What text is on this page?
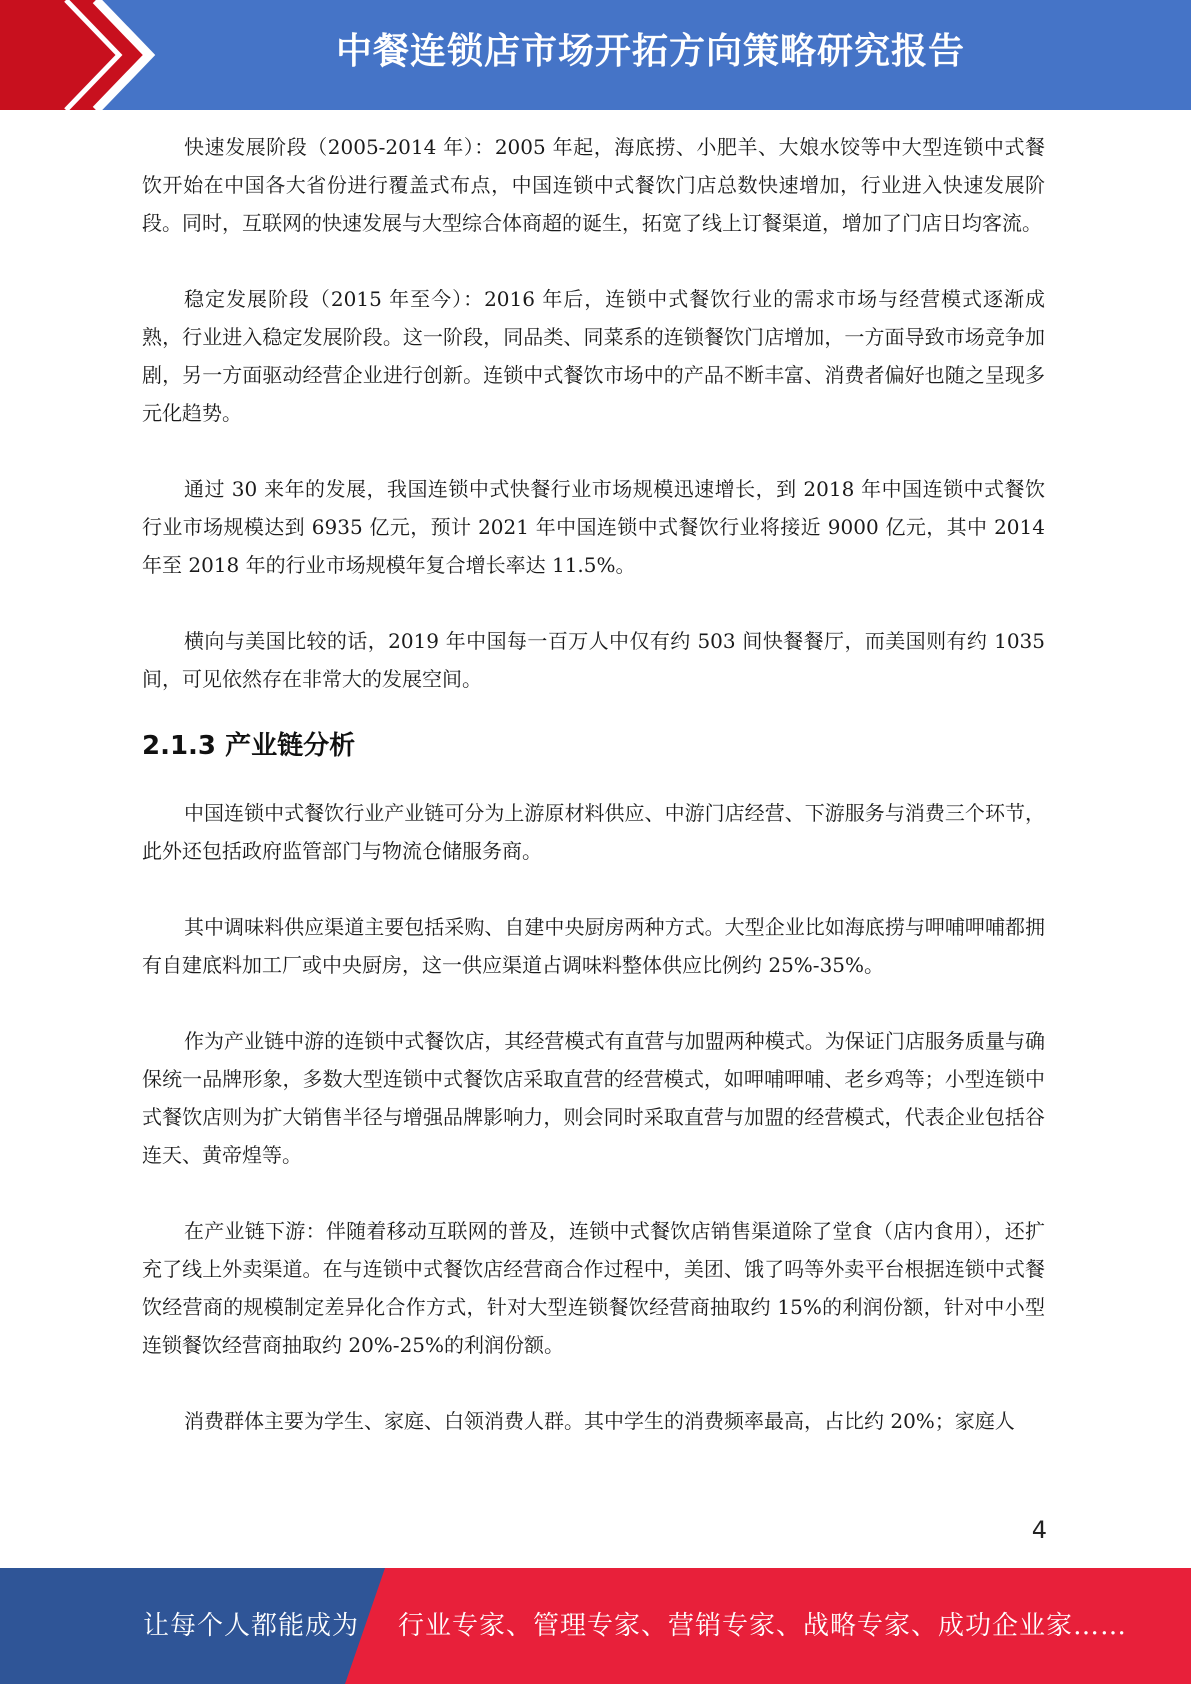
中餐连锁店市场开拓方向策略研究报告

快速发展阶段（2005-2014 年）：2005 年起，海底捞、小肥羊、大娘水饺等中大型连锁中式餐饮开始在中国各大省份进行覆盖式布点，中国连锁中式餐饮门店总数快速增加，行业进入快速发展阶段。同时，互联网的快速发展与大型综合体商超的诞生，拓宽了线上订餐渠道，增加了门店日均客流。

稳定发展阶段（2015 年至今）：2016 年后，连锁中式餐饮行业的需求市场与经营模式逐渐成熟，行业进入稳定发展阶段。这一阶段，同品类、同菜系的连锁餐饮门店增加，一方面导致市场竞争加剧，另一方面驱动经营企业进行创新。连锁中式餐饮市场中的产品不断丰富、消费者偏好也随之呈现多元化趋势。

通过 30 来年的发展，我国连锁中式快餐行业市场规模迅速增长，到 2018 年中国连锁中式餐饮行业市场规模达到 6935 亿元，预计 2021 年中国连锁中式餐饮行业将接近 9000 亿元，其中 2014 年至 2018 年的行业市场规模年复合增长率达 11.5%。

横向与美国比较的话，2019 年中国每一百万人中仅有约 503 间快餐餐厅，而美国则有约 1035 间，可见依然存在非常大的发展空间。

2.1.3 产业链分析

中国连锁中式餐饮行业产业链可分为上游原材料供应、中游门店经营、下游服务与消费三个环节，此外还包括政府监管部门与物流仓储服务商。

其中调味料供应渠道主要包括采购、自建中央厨房两种方式。大型企业比如海底捞与呷哺呷哺都拥有自建底料加工厂或中央厨房，这一供应渠道占调味料整体供应比例约 25%-35%。

作为产业链中游的连锁中式餐饮店，其经营模式有直营与加盟两种模式。为保证门店服务质量与确保统一品牌形象，多数大型连锁中式餐饮店采取直营的经营模式，如呷哺呷哺、老乡鸡等；小型连锁中式餐饮店则为扩大销售半径与增强品牌影响力，则会同时采取直营与加盟的经营模式，代表企业包括谷连天、黄帝煌等。

在产业链下游：伴随着移动互联网的普及，连锁中式餐饮店销售渠道除了堂食（店内食用），还扩充了线上外卖渠道。在与连锁中式餐饮店经营商合作过程中，美团、饿了吗等外卖平台根据连锁中式餐饮经营商的规模制定差异化合作方式，针对大型连锁餐饮经营商抽取约 15%的利润份额，针对中小型连锁餐饮经营商抽取约 20%-25%的利润份额。

消费群体主要为学生、家庭、白领消费人群。其中学生的消费频率最高，占比约 20%；家庭人

4
让每个人都能成为 行业专家、管理专家、营销专家、战略专家、成功企业家……
